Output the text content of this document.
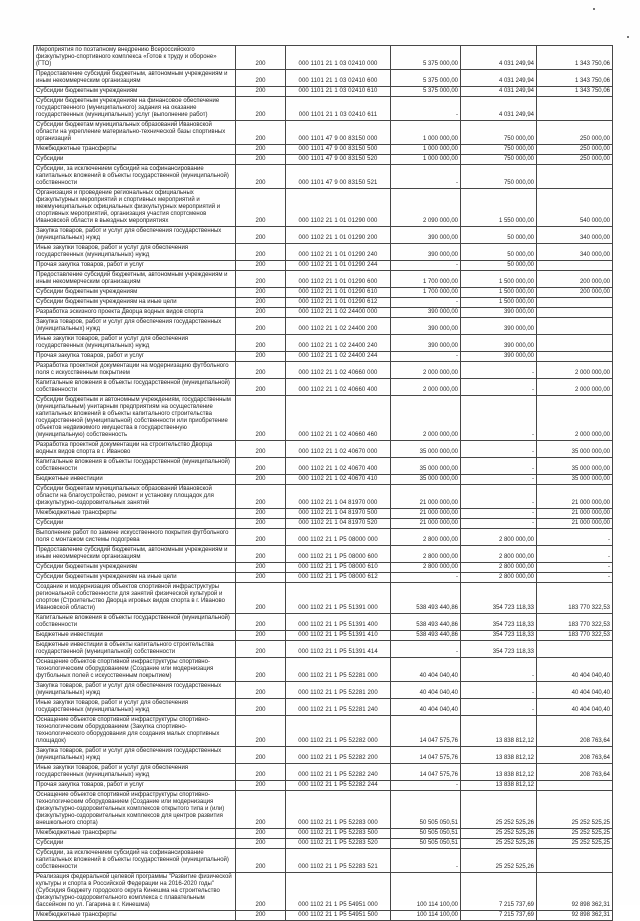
Мероприятия по поэтапному внедрению Всероссийского физкультурно-спортивного комплекса «Готов к труду и обороне» (ГТО)	200	000 1101 21 1 03 02410 000	5 375 000,00	4 031 249,94	1 343 750,06
Предоставление субсидий бюджетным, автономным учреждениям и иным некоммерческим организациям	200	000 1101 21 1 03 02410 600	5 375 000,00	4 031 249,94	1 343 750,06
Субсидии бюджетным учреждениям	200	000 1101 21 1 03 02410 610	5 375 000,00	4 031 249,94	1 343 750,06
Субсидии бюджетным учреждениям на финансовое обеспечение государственного (муниципального) задания на оказание государственных (муниципальных) услуг (выполнение работ)	200	000 1101 21 1 03 02410 611	-	4 031 249,94	
Субсидии бюджетам муниципальных образований Ивановской области на укрепление материально-технической базы спортивных организаций	200	000 1101 47 9 00 83150 000	1 000 000,00	750 000,00	250 000,00
Межбюджетные трансферты	200	000 1101 47 9 00 83150 500	1 000 000,00	750 000,00	250 000,00
Субсидии	200	000 1101 47 9 00 83150 520	1 000 000,00	750 000,00	250 000,00
Субсидии, за исключением субсидий на софинансирование капитальных вложений в объекты государственной (муниципальной) собственности	200	000 1101 47 9 00 83150 521	-	750 000,00	
Организация и проведение региональных официальных физкультурных мероприятий и спортивных мероприятий и межмуниципальных официальных физкультурных мероприятий и спортивных мероприятий, организация участия спортсменов Ивановской области в выездных мероприятиях	200	000 1102 21 1 01 01290 000	2 090 000,00	1 550 000,00	540 000,00
Закупка товаров, работ и услуг для обеспечения государственных (муниципальных) нужд	200	000 1102 21 1 01 01290 200	390 000,00	50 000,00	340 000,00
Иные закупки товаров, работ и услуг для обеспечения государственных (муниципальных) нужд	200	000 1102 21 1 01 01290 240	390 000,00	50 000,00	340 000,00
Прочая закупка товаров, работ и услуг	200	000 1102 21 1 01 01290 244	-	50 000,00	
Предоставление субсидий бюджетным, автономным учреждениям и иным некоммерческим организациям	200	000 1102 21 1 01 01290 600	1 700 000,00	1 500 000,00	200 000,00
Субсидии бюджетным учреждениям	200	000 1102 21 1 01 01290 610	1 700 000,00	1 500 000,00	200 000,00
Субсидии бюджетным учреждениям на иные цели	200	000 1102 21 1 01 01290 612	-	1 500 000,00	
Разработка эскизного проекта Дворца водных видов спорта	200	000 1102 21 1 02 24400 000	390 000,00	390 000,00	
Закупка товаров, работ и услуг для обеспечения государственных (муниципальных) нужд	200	000 1102 21 1 02 24400 200	390 000,00	390 000,00	
Иные закупки товаров, работ и услуг для обеспечения государственных (муниципальных) нужд	200	000 1102 21 1 02 24400 240	390 000,00	390 000,00	
Прочая закупка товаров, работ и услуг	200	000 1102 21 1 02 24400 244	-	390 000,00	
Разработка проектной документации на модернизацию футбольного поля с искусственным покрытием	200	000 1102 21 1 02 40660 000	2 000 000,00	-	2 000 000,00
Капитальные вложения в объекты государственной (муниципальной) собственности	200	000 1102 21 1 02 40660 400	2 000 000,00	-	2 000 000,00
Субсидии бюджетным и автономным учреждениям, государственным (муниципальным) унитарным предприятиям на осуществление капитальных вложений в объекты капитального строительства государственной (муниципальной) собственности или приобретение объектов недвижимого имущества в государственную (муниципальную) собственность	200	000 1102 21 1 02 40660 460	2 000 000,00	-	2 000 000,00
Разработка проектной документации на строительство Дворца водных видов спорта в г. Иваново	200	000 1102 21 1 02 40670 000	35 000 000,00	-	35 000 000,00
Капитальные вложения в объекты государственной (муниципальной) собственности	200	000 1102 21 1 02 40670 400	35 000 000,00	-	35 000 000,00
Бюджетные инвестиции	200	000 1102 21 1 02 40670 410	35 000 000,00	-	35 000 000,00
Субсидии бюджетам муниципальных образований Ивановской области на благоустройство, ремонт и установку площадок для физкультурно-оздоровительных занятий	200	000 1102 21 1 04 81970 000	21 000 000,00	-	21 000 000,00
Межбюджетные трансферты	200	000 1102 21 1 04 81970 500	21 000 000,00	-	21 000 000,00
Субсидии	200	000 1102 21 1 04 81970 520	21 000 000,00	-	21 000 000,00
Выполнение работ по замене искусственного покрытия футбольного поля с монтажом системы подогрева	200	000 1102 21 1 P5 08000 000	2 800 000,00	2 800 000,00	-
Предоставление субсидий бюджетным, автономным учреждениям и иным некоммерческим организациям	200	000 1102 21 1 P5 08000 600	2 800 000,00	2 800 000,00	-
Субсидии бюджетным учреждениям	200	000 1102 21 1 P5 08000 610	2 800 000,00	2 800 000,00	-
Субсидии бюджетным учреждениям на иные цели	200	000 1102 21 1 P5 08000 612	-	2 800 000,00	-
Создание и модернизация объектов спортивной инфраструктуры региональной собственности для занятий физической культурой и спортом (Строительство Дворца игровых видов спорта в г. Иваново Ивановской области)	200	000 1102 21 1 P5 51391 000	538 493 440,86	354 723 118,33	183 770 322,53
Капитальные вложения в объекты государственной (муниципальной) собственности	200	000 1102 21 1 P5 51391 400	538 493 440,86	354 723 118,33	183 770 322,53
Бюджетные инвестиции	200	000 1102 21 1 P5 51391 410	538 493 440,86	354 723 118,33	183 770 322,53
Бюджетные инвестиции в объекты капитального строительства государственной (муниципальной) собственности	200	000 1102 21 1 P5 51391 414	-	354 723 118,33	
Оснащение объектов спортивной инфраструктуры спортивно-технологическим оборудованием (Создание или модернизация футбольных полей с искусственным покрытием)	200	000 1102 21 1 P5 52281 000	40 404 040,40	-	40 404 040,40
Закупка товаров, работ и услуг для обеспечения государственных (муниципальных) нужд	200	000 1102 21 1 P5 52281 200	40 404 040,40	-	40 404 040,40
Иные закупки товаров, работ и услуг для обеспечения государственных (муниципальных) нужд	200	000 1102 21 1 P5 52281 240	40 404 040,40	-	40 404 040,40
Оснащение объектов спортивной инфраструктуры спортивно-технологическим оборудованием (Закупка спортивно-технологического оборудования для создания малых спортивных площадок)	200	000 1102 21 1 P5 52282 000	14 047 575,76	13 838 812,12	208 763,64
Закупка товаров, работ и услуг для обеспечения государственных (муниципальных) нужд	200	000 1102 21 1 P5 52282 200	14 047 575,76	13 838 812,12	208 763,64
Иные закупки товаров, работ и услуг для обеспечения государственных (муниципальных) нужд	200	000 1102 21 1 P5 52282 240	14 047 575,76	13 838 812,12	208 763,64
Прочая закупка товаров, работ и услуг	200	000 1102 21 1 P5 52282 244	-	13 838 812,12	
Оснащение объектов спортивной инфраструктуры спортивно-технологическим оборудованием (Создание или модернизация физкультурно-оздоровительных комплексов открытого типа и (или) физкультурно-оздоровительных комплексов для центров развития внешкольного спорта)	200	000 1102 21 1 P5 52283 000	50 505 050,51	25 252 525,26	25 252 525,25
Межбюджетные трансферты	200	000 1102 21 1 P5 52283 500	50 505 050,51	25 252 525,26	25 252 525,25
Субсидии	200	000 1102 21 1 P5 52283 520	50 505 050,51	25 252 525,26	25 252 525,25
Субсидии, за исключением субсидий на софинансирование капитальных вложений в объекты государственной (муниципальной) собственности	200	000 1102 21 1 P5 52283 521	-	25 252 525,26	
Реализация федеральной целевой программы "Развитие физической культуры и спорта в Российской Федерации на 2016-2020 годы" (Субсидия бюджету городского округа Кинешма на строительство физкультурно-оздоровительного комплекса с плавательным бассейном по ул. Гагарина в г. Кинешма)	200	000 1102 21 1 P5 54951 000	100 114 100,00	7 215 737,69	92 898 362,31
Межбюджетные трансферты	200	000 1102 21 1 P5 54951 500	100 114 100,00	7 215 737,69	92 898 362,31
